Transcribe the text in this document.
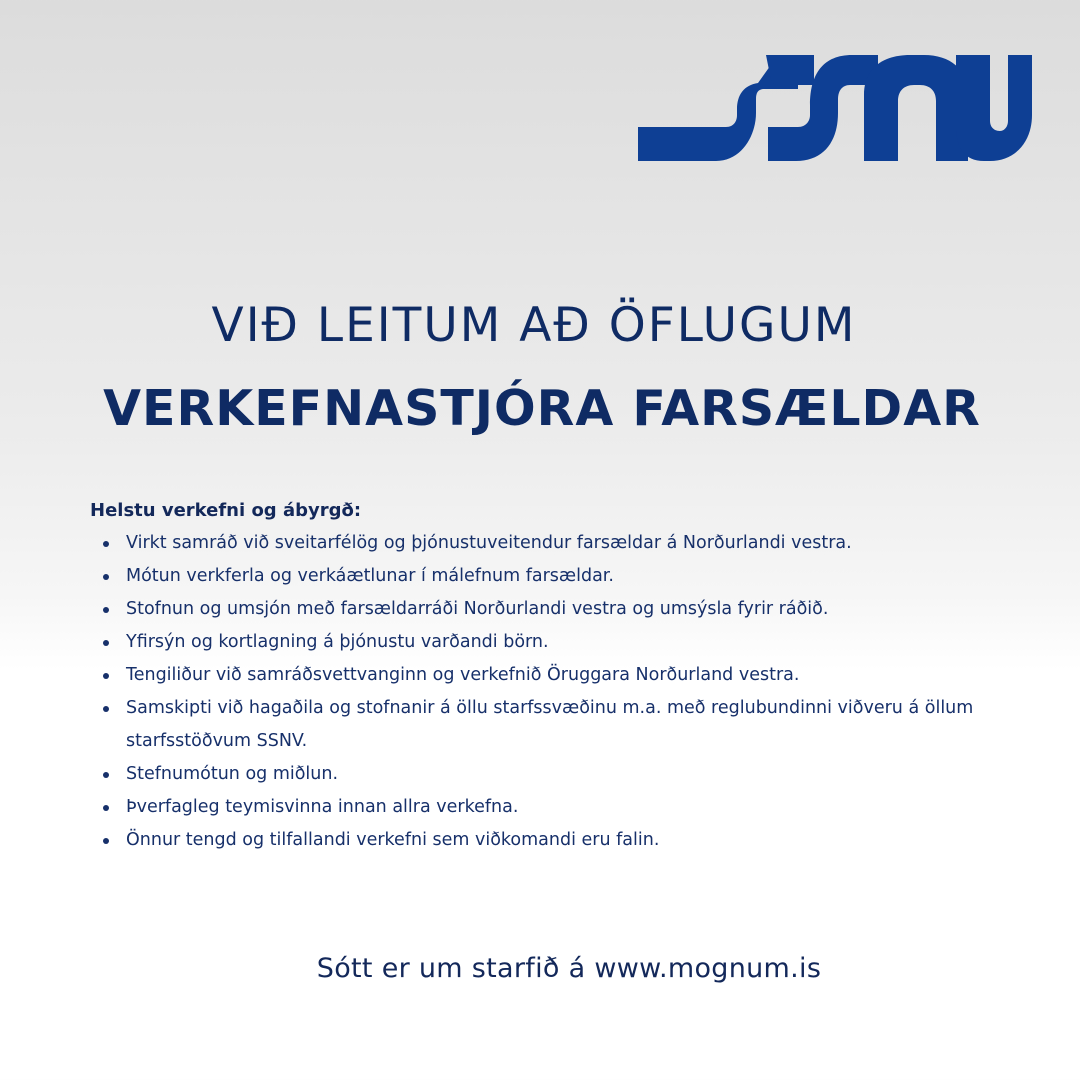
VIÐ LEITUM AÐ ÖFLUGUM
VERKEFNASTJÓRA FARSÆLDAR
Helstu verkefni og ábyrgð:
Virkt samráð við sveitarfélög og þjónustuveitendur farsældar á Norðurlandi vestra.
Mótun verkferla og verkáætlunar í málefnum farsældar.
Stofnun og umsjón með farsældarráði Norðurlandi vestra og umsýsla fyrir ráðið.
Yfirsýn og kortlagning á þjónustu varðandi börn.
Tengiliður við samráðsvettvanginn og verkefnið Öruggara Norðurland vestra.
Samskipti við hagaðila og stofnanir á öllu starfssvæðinu m.a. með reglubundinni viðveru á öllum starfsstöðvum SSNV.
Stefnumótun og miðlun.
Þverfagleg teymisvinna innan allra verkefna.
Önnur tengd og tilfallandi verkefni sem viðkomandi eru falin.
Sótt er um starfið á www.mognum.is
